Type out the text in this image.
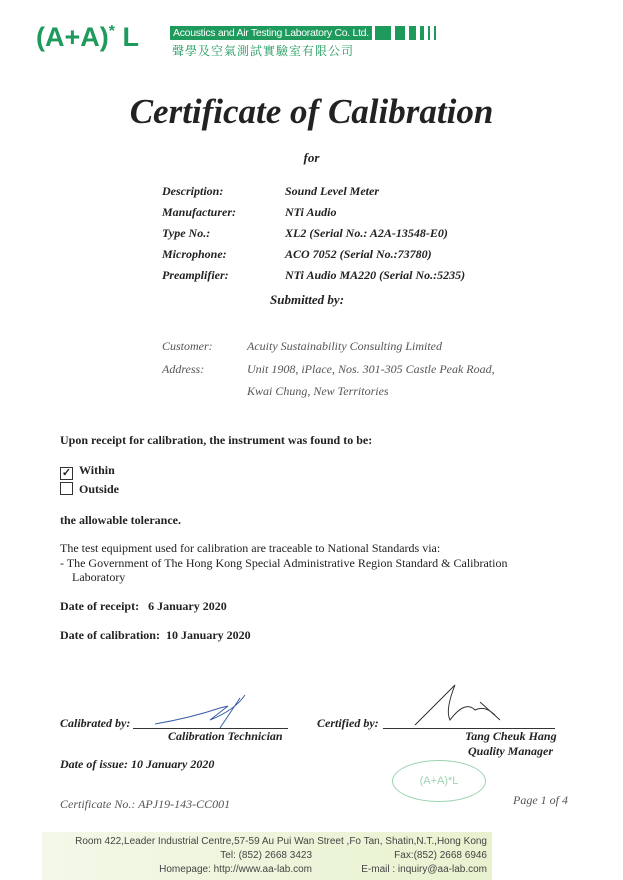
(A+A)* L	Acoustics and Air Testing Laboratory Co. Ltd.
聲學及空氣測試實驗室有限公司
Certificate of Calibration
for
Description:	Sound Level Meter
Manufacturer:	NTi Audio
Type No.:	XL2 (Serial No.: A2A-13548-E0)
Microphone:	ACO 7052 (Serial No.:73780)
Preamplifier:	NTi Audio MA220 (Serial No.:5235)
Submitted by:
Customer:	Acuity Sustainability Consulting Limited
Address:	Unit 1908, iPlace, Nos. 301-305 Castle Peak Road,
Kwai Chung, New Territories
Upon receipt for calibration, the instrument was found to be:
✓ Within
Outside
the allowable tolerance.
The test equipment used for calibration are traceable to National Standards via:
- The Government of The Hong Kong Special Administrative Region Standard & Calibration
Laboratory
Date of receipt: 6 January 2020
Date of calibration: 10 January 2020
Calibrated by:
Calibration Technician
Certified by:
Tang Cheuk Hang
Quality Manager
Date of issue: 10 January 2020
(A+A)*L
Certificate No.: APJ19-143-CC001	Page 1 of 4
Room 422,Leader Industrial Centre,57-59 Au Pui Wan Street ,Fo Tan, Shatin,N.T.,Hong Kong
Tel: (852) 2668 3423	Fax:(852) 2668 6946
Homepage: http://www.aa-lab.com	E-mail : inquiry@aa-lab.com
